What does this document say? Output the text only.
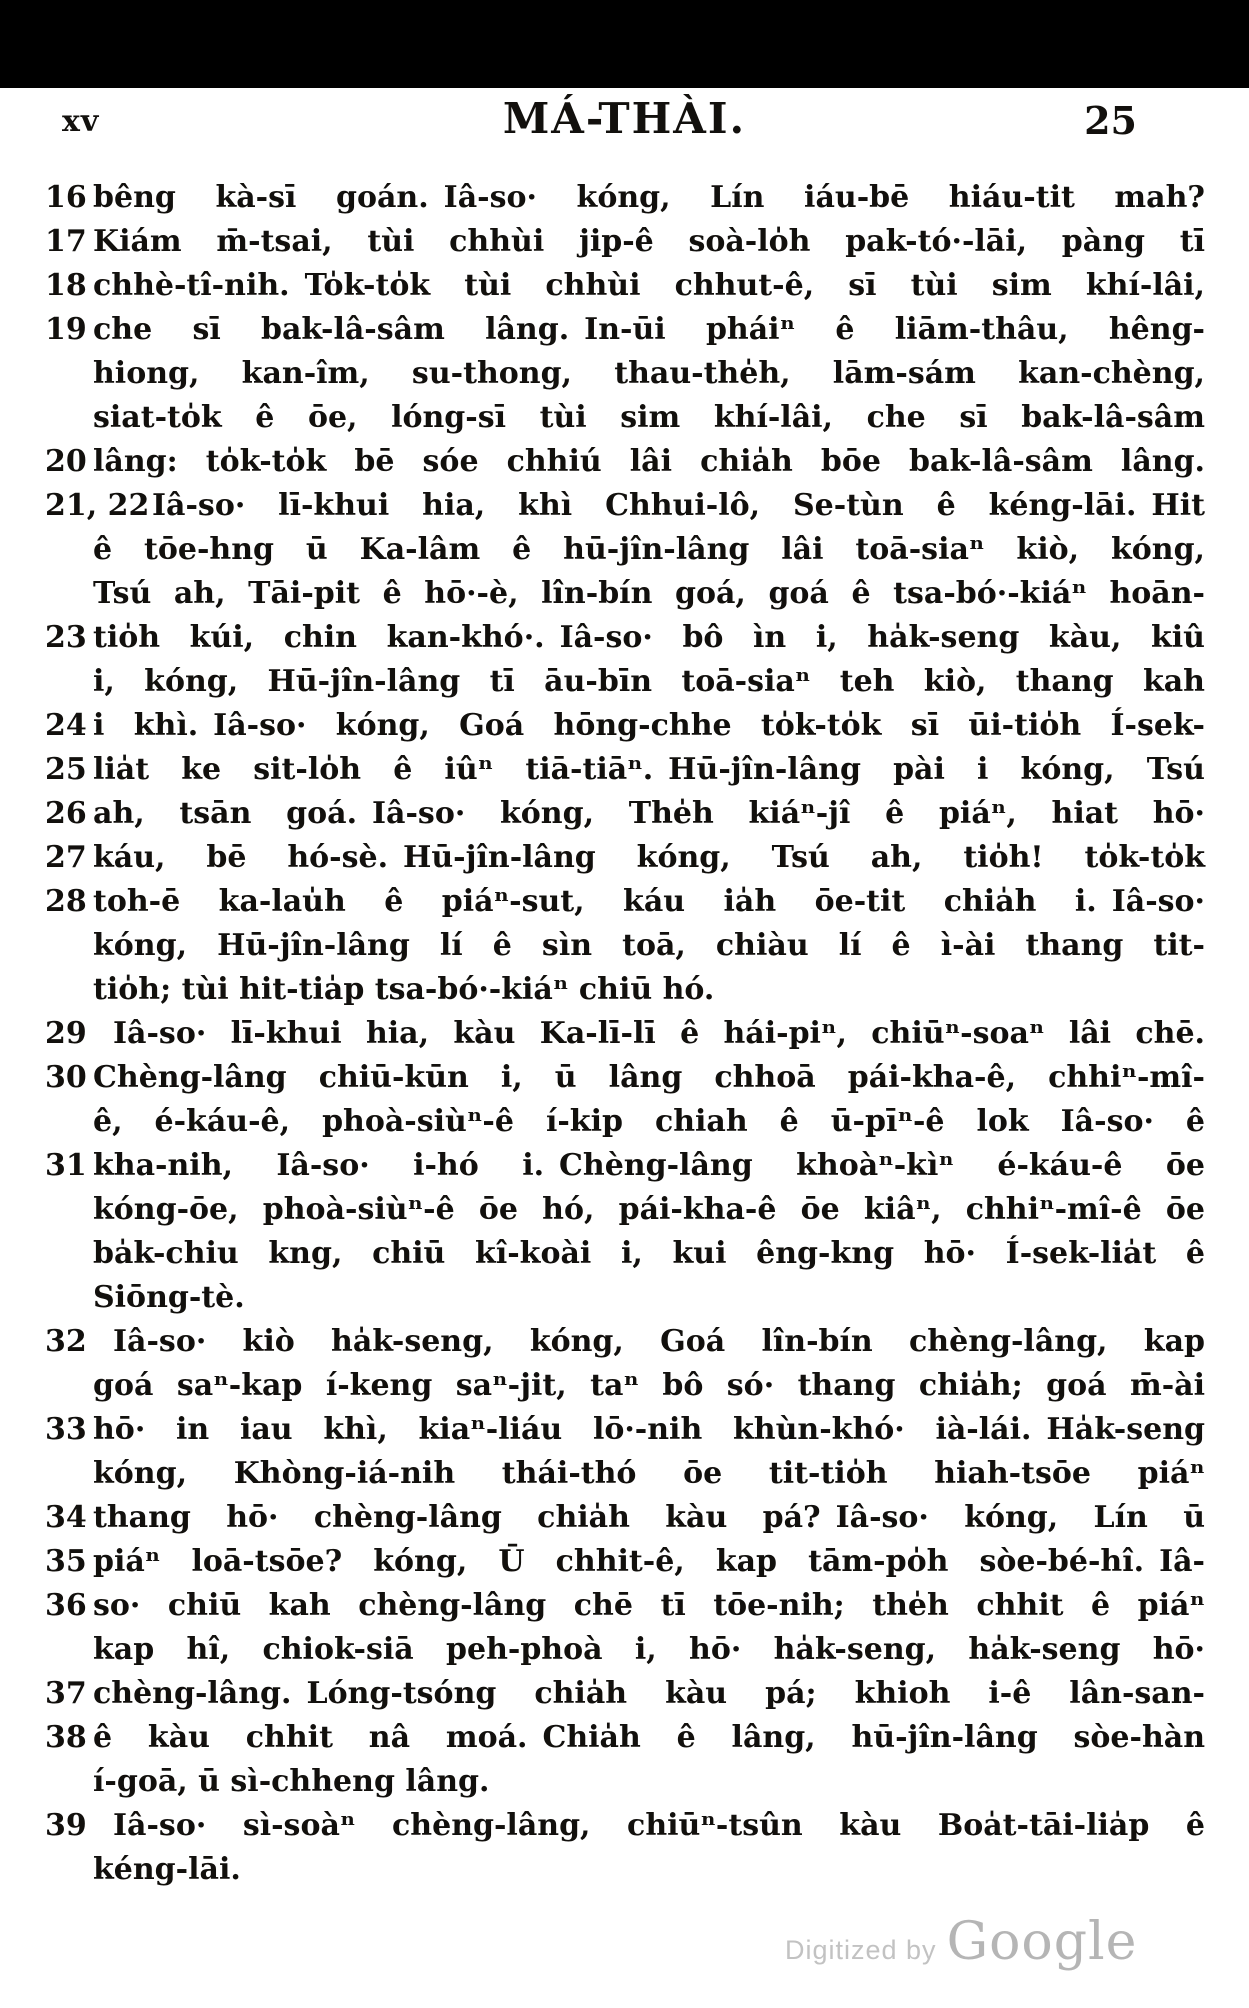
xv	MÁ-THÀI.	25
16 bêng kà-sī goán. Iâ-so· kóng, Lín iáu-bē hiáu-tit mah?
17 Kiám m̄-tsai, tùi chhùi jip-ê soà-lo̍h pak-tó·-lāi, pàng tī
18 chhè-tî-nih. To̍k-to̍k tùi chhùi chhut-ê, sī tùi sim khí-lâi,
19 che sī bak-lâ-sâm lâng. In-ūi pháiⁿ ê liām-thâu, hêng-
hiong, kan-îm, su-thong, thau-the̍h, lām-sám kan-chèng,
siat-to̍k ê ōe, lóng-sī tùi sim khí-lâi, che sī bak-lâ-sâm
20 lâng: to̍k-to̍k bē sóe chhiú lâi chia̍h bōe bak-lâ-sâm lâng.
21, 22 Iâ-so· lī-khui hia, khì Chhui-lô, Se-tùn ê kéng-lāi. Hit
ê tōe-hng ū Ka-lâm ê hū-jîn-lâng lâi toā-siaⁿ kiò, kóng,
Tsú ah, Tāi-pit ê hō·-è, lîn-bín goá, goá ê tsa-bó·-kiáⁿ hoān-
23 tio̍h kúi, chin kan-khó·. Iâ-so· bô ìn i, ha̍k-seng kàu, kiû
i, kóng, Hū-jîn-lâng tī āu-bīn toā-siaⁿ teh kiò, thang kah
24 i khì. Iâ-so· kóng, Goá hōng-chhe to̍k-to̍k sī ūi-tio̍h Í-sek-
25 lia̍t ke sit-lo̍h ê iûⁿ tiā-tiāⁿ. Hū-jîn-lâng pài i kóng, Tsú
26 ah, tsān goá. Iâ-so· kóng, The̍h kiáⁿ-jî ê piáⁿ, hiat hō·
27 káu, bē hó-sè. Hū-jîn-lâng kóng, Tsú ah, tio̍h! to̍k-to̍k
28 toh-ē ka-lau̍h ê piáⁿ-sut, káu ia̍h ōe-tit chia̍h i. Iâ-so·
kóng, Hū-jîn-lâng lí ê sìn toā, chiàu lí ê ì-ài thang tit-
tio̍h; tùi hit-tia̍p tsa-bó·-kiáⁿ chiū hó.
29 Iâ-so· lī-khui hia, kàu Ka-lī-lī ê hái-piⁿ, chiūⁿ-soaⁿ lâi chē.
30 Chèng-lâng chiū-kūn i, ū lâng chhoā pái-kha-ê, chhiⁿ-mî-
ê, é-káu-ê, phoà-siùⁿ-ê í-kip chiah ê ū-pīⁿ-ê lok Iâ-so· ê
31 kha-nih, Iâ-so· i-hó i. Chèng-lâng khoàⁿ-kìⁿ é-káu-ê ōe
kóng-ōe, phoà-siùⁿ-ê ōe hó, pái-kha-ê ōe kiâⁿ, chhiⁿ-mî-ê ōe
ba̍k-chiu kng, chiū kî-koài i, kui êng-kng hō· Í-sek-lia̍t ê
Siōng-tè.
32 Iâ-so· kiò ha̍k-seng, kóng, Goá lîn-bín chèng-lâng, kap
goá saⁿ-kap í-keng saⁿ-jit, taⁿ bô só· thang chia̍h; goá m̄-ài
33 hō· in iau khì, kiaⁿ-liáu lō·-nih khùn-khó· ià-lái. Ha̍k-seng
kóng, Khòng-iá-nih thái-thó ōe tit-tio̍h hiah-tsōe piáⁿ
34 thang hō· chèng-lâng chia̍h kàu pá? Iâ-so· kóng, Lín ū
35 piáⁿ loā-tsōe? kóng, Ū chhit-ê, kap tām-po̍h sòe-bé-hî. Iâ-
36 so· chiū kah chèng-lâng chē tī tōe-nih; the̍h chhit ê piáⁿ
kap hî, chiok-siā peh-phoà i, hō· ha̍k-seng, ha̍k-seng hō·
37 chèng-lâng. Lóng-tsóng chia̍h kàu pá; khioh i-ê lân-san-
38 ê kàu chhit nâ moá. Chia̍h ê lâng, hū-jîn-lâng sòe-hàn
í-goā, ū sì-chheng lâng.
39 Iâ-so· sì-soàⁿ chèng-lâng, chiūⁿ-tsûn kàu Boa̍t-tāi-lia̍p ê
kéng-lāi.
Digitized by Google
